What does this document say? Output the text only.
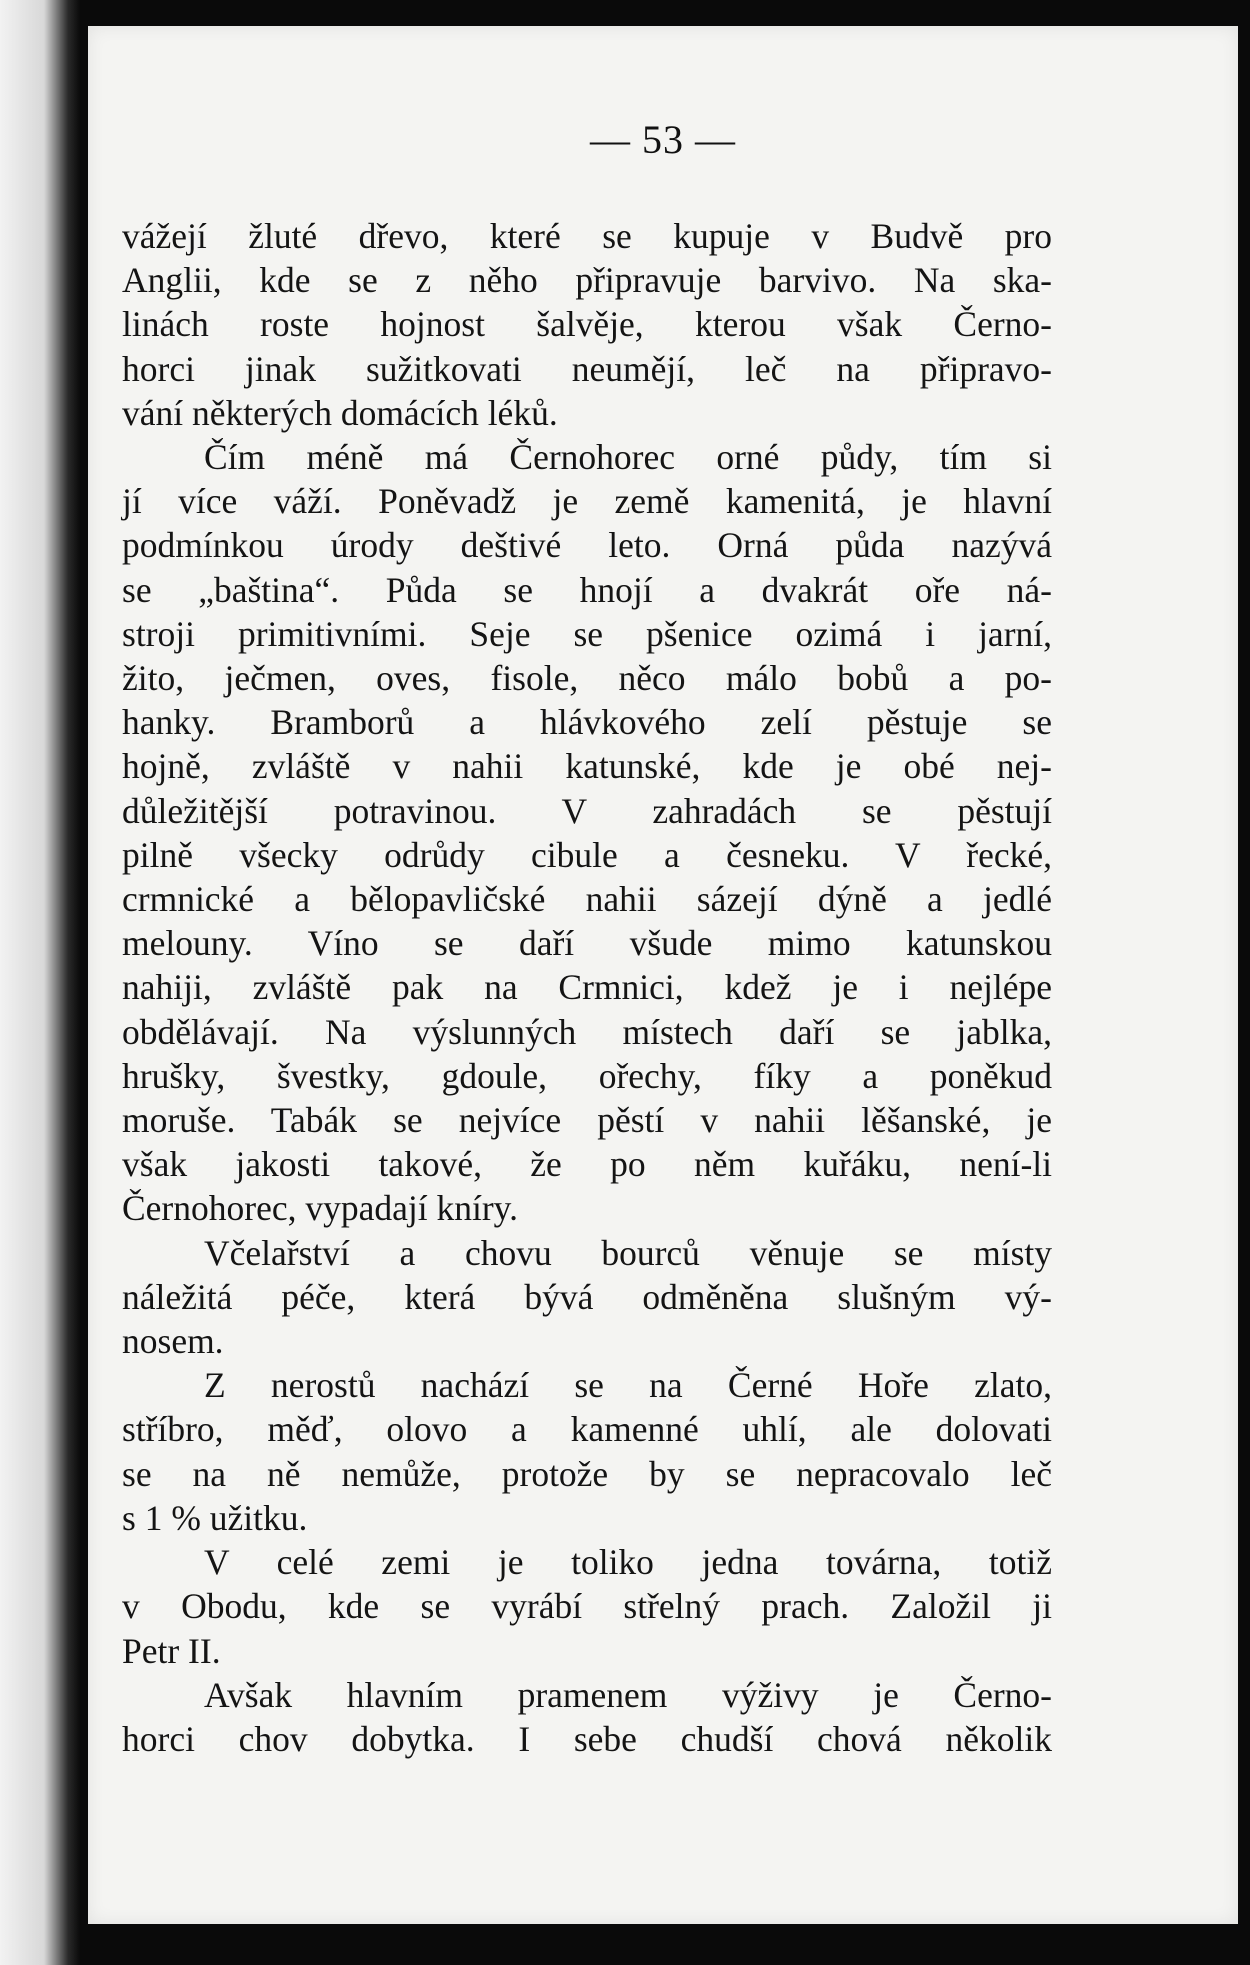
— 53 —
vážejí žluté dřevo, které se kupuje v Budvě pro
Anglii, kde se z něho připravuje barvivo. Na ska-
linách roste hojnost šalvěje, kterou však Černo-
horci jinak sužitkovati neumějí, leč na připravo-
vání některých domácích léků.
Čím méně má Černohorec orné půdy, tím si
jí více váží. Poněvadž je země kamenitá, je hlavní
podmínkou úrody deštivé leto. Orná půda nazývá
se „baština“. Půda se hnojí a dvakrát oře ná-
stroji primitivními. Seje se pšenice ozimá i jarní,
žito, ječmen, oves, fisole, něco málo bobů a po-
hanky. Bramborů a hlávkového zelí pěstuje se
hojně, zvláště v nahii katunské, kde je obé nej-
důležitější potravinou. V zahradách se pěstují
pilně všecky odrůdy cibule a česneku. V řecké,
crmnické a bělopavličské nahii sázejí dýně a jedlé
melouny. Víno se daří všude mimo katunskou
nahiji, zvláště pak na Crmnici, kdež je i nejlépe
obdělávají. Na výslunných místech daří se jablka,
hrušky, švestky, gdoule, ořechy, fíky a poněkud
moruše. Tabák se nejvíce pěstí v nahii lěšanské, je
však jakosti takové, že po něm kuřáku, není-li
Černohorec, vypadají kníry.
Včelařství a chovu bourců věnuje se místy
náležitá péče, která bývá odměněna slušným vý-
nosem.
Z nerostů nachází se na Černé Hoře zlato,
stříbro, měď, olovo a kamenné uhlí, ale dolovati
se na ně nemůže, protože by se nepracovalo leč
s 1 % užitku.
V celé zemi je toliko jedna továrna, totiž
v Obodu, kde se vyrábí střelný prach. Založil ji
Petr II.
Avšak hlavním pramenem výživy je Černo-
horci chov dobytka. I sebe chudší chová několik
